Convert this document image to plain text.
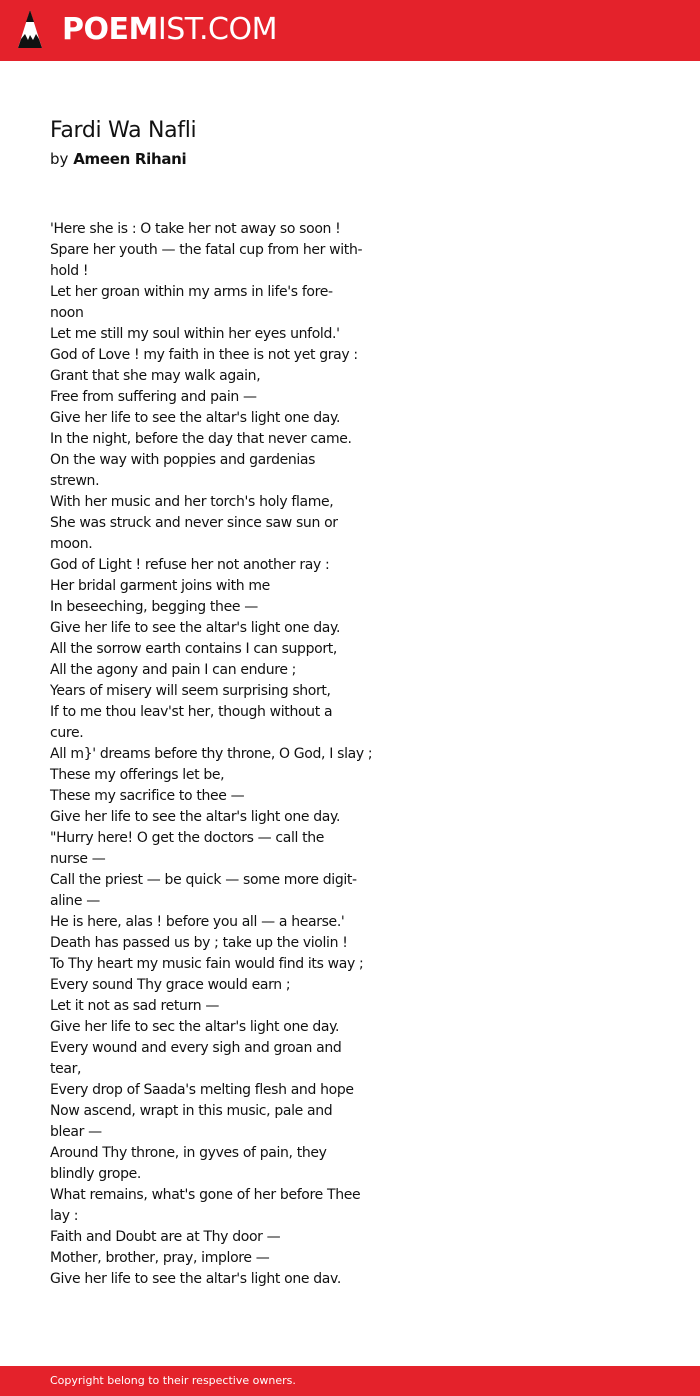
POEMIST.COM
Fardi Wa Nafli
by Ameen Rihani
'Here she is : O take her not away so soon !
Spare her youth — the fatal cup from her with-
hold !
Let her groan within my arms in life's fore-
noon
Let me still my soul within her eyes unfold.'
God of Love ! my faith in thee is not yet gray :
Grant that she may walk again,
Free from suffering and pain —
Give her life to see the altar's light one day.
In the night, before the day that never came.
On the way with poppies and gardenias
strewn.
With her music and her torch's holy flame,
She was struck and never since saw sun or
moon.
God of Light ! refuse her not another ray :
Her bridal garment joins with me
In beseeching, begging thee —
Give her life to see the altar's light one day.
All the sorrow earth contains I can support,
All the agony and pain I can endure ;
Years of misery will seem surprising short,
If to me thou leav'st her, though without a
cure.
All m}' dreams before thy throne, O God, I slay ;
These my offerings let be,
These my sacrifice to thee —
Give her life to see the altar's light one day.
"Hurry here! O get the doctors — call the
nurse —
Call the priest — be quick — some more digit-
aline —
He is here, alas ! before you all — a hearse.'
Death has passed us by ; take up the violin !
To Thy heart my music fain would find its way ;
Every sound Thy grace would earn ;
Let it not as sad return —
Give her life to sec the altar's light one day.
Every wound and every sigh and groan and
tear,
Every drop of Saada's melting flesh and hope
Now ascend, wrapt in this music, pale and
blear —
Around Thy throne, in gyves of pain, they
blindly grope.
What remains, what's gone of her before Thee
lay :
Faith and Doubt are at Thy door —
Mother, brother, pray, implore —
Give her life to see the altar's light one dav.
Copyright belong to their respective owners.
